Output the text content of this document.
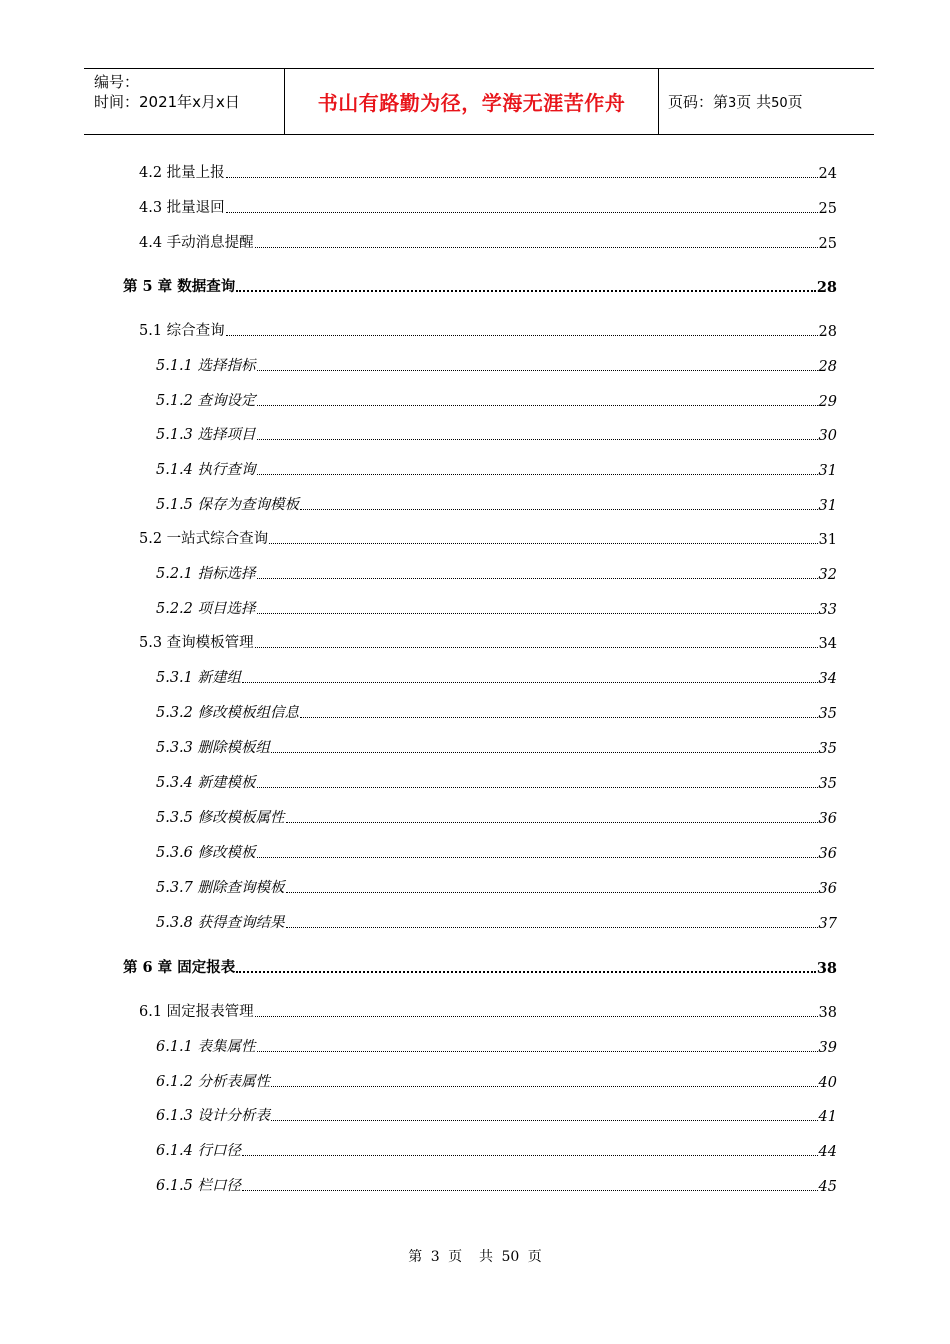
编号：
时间：2021年x月x日	书山有路勤为径，学海无涯苦作舟	页码：第3页 共50页
4.2 批量上报	24
4.3 批量退回	25
4.4 手动消息提醒	25
第 5 章 数据查询	28
5.1 综合查询	28
5.1.1 选择指标	28
5.1.2 查询设定	29
5.1.3 选择项目	30
5.1.4 执行查询	31
5.1.5 保存为查询模板	31
5.2 一站式综合查询	31
5.2.1 指标选择	32
5.2.2 项目选择	33
5.3 查询模板管理	34
5.3.1 新建组	34
5.3.2 修改模板组信息	35
5.3.3 删除模板组	35
5.3.4 新建模板	35
5.3.5 修改模板属性	36
5.3.6 修改模板	36
5.3.7 删除查询模板	36
5.3.8 获得查询结果	37
第 6 章 固定报表	38
6.1 固定报表管理	38
6.1.1 表集属性	39
6.1.2 分析表属性	40
6.1.3 设计分析表	41
6.1.4 行口径	44
6.1.5 栏口径	45
第 3 页  共 50 页
